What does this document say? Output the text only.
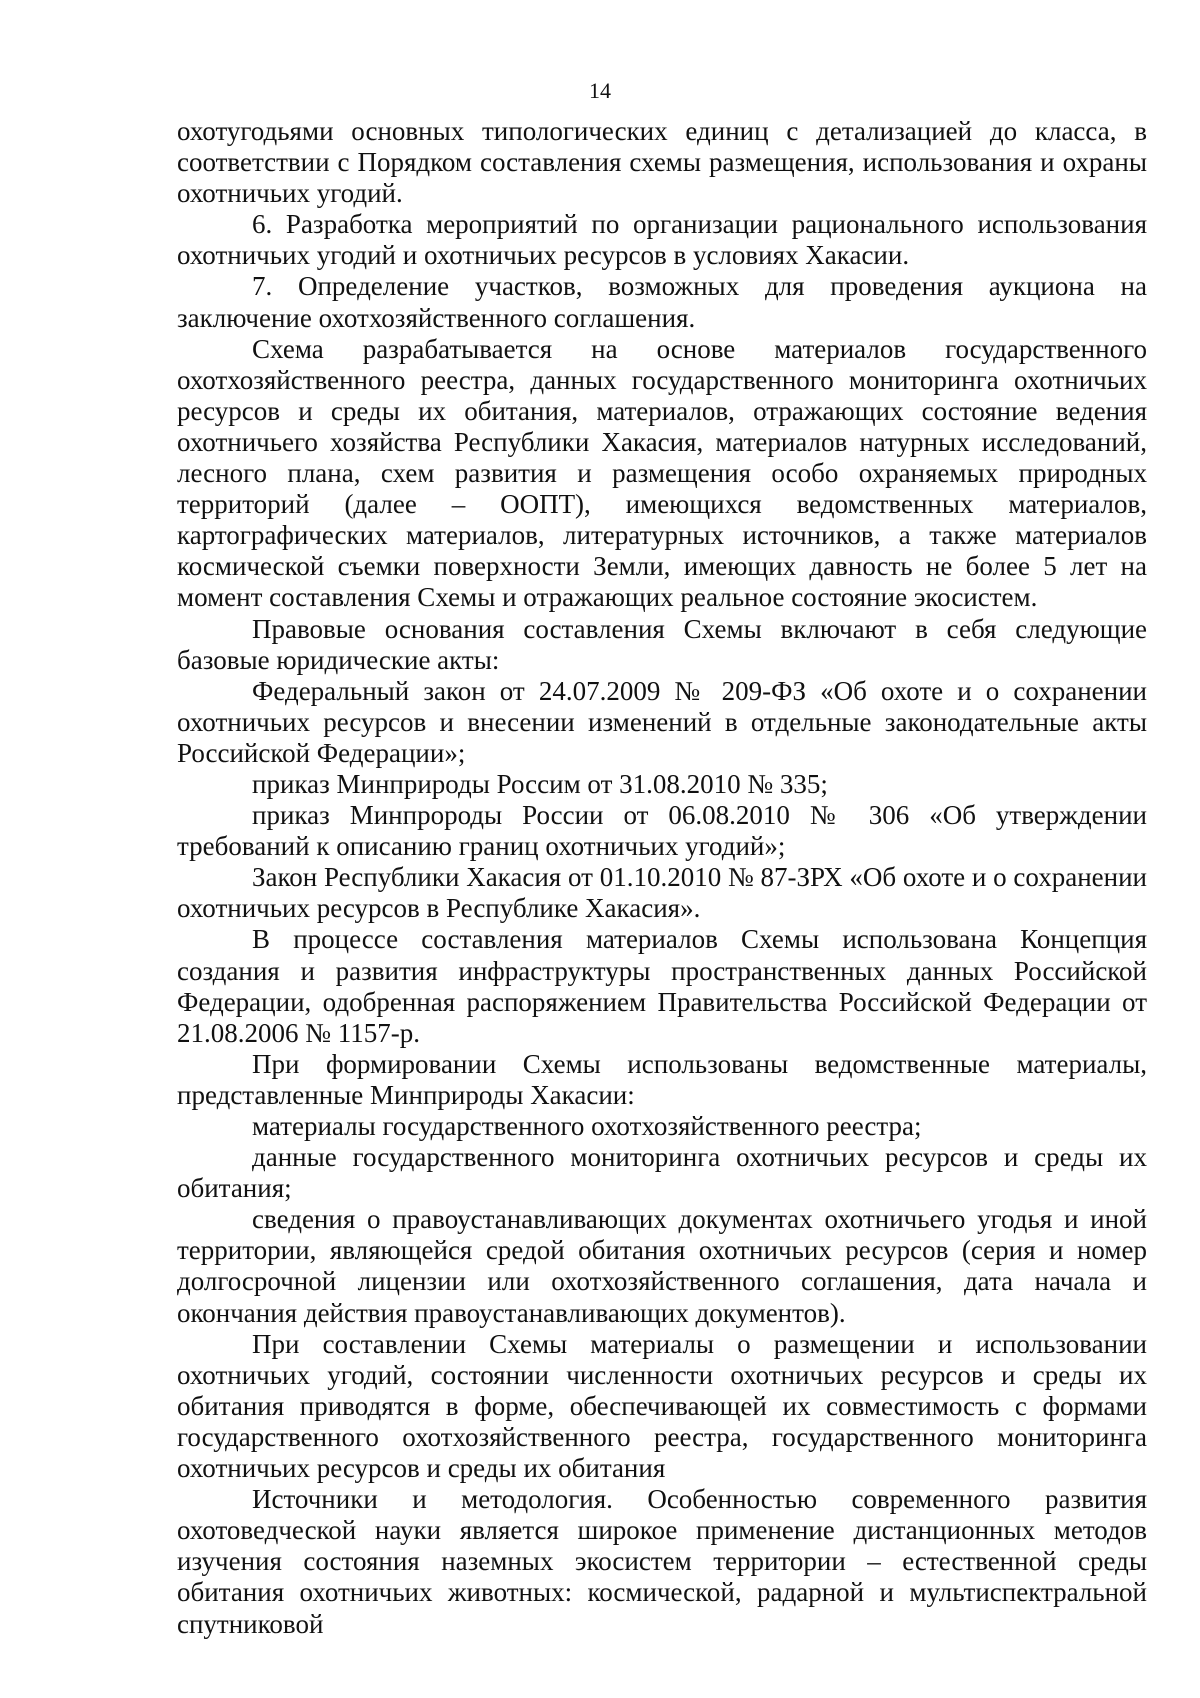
14

охотугодьями основных типологических единиц с детализацией до класса, в соответствии с Порядком составления схемы размещения, использования и охраны охотничьих угодий.

6. Разработка мероприятий по организации рационального использования охотничьих угодий и охотничьих ресурсов в условиях Хакасии.

7. Определение участков, возможных для проведения аукциона на заключение охотхозяйственного соглашения.

Схема разрабатывается на основе материалов государственного охотхозяйственного реестра, данных государственного мониторинга охотничьих ресурсов и среды их обитания, материалов, отражающих состояние ведения охотничьего хозяйства Республики Хакасия, материалов натурных исследований, лесного плана, схем развития и размещения особо охраняемых природных территорий (далее – ООПТ), имеющихся ведомственных материалов, картографических материалов, литературных источников, а также материалов космической съемки поверхности Земли, имеющих давность не более 5 лет на момент составления Схемы и отражающих реальное состояние экосистем.

Правовые основания составления Схемы включают в себя следующие базовые юридические акты:

Федеральный закон от 24.07.2009 № 209-ФЗ «Об охоте и о сохранении охотничьих ресурсов и внесении изменений в отдельные законодательные акты Российской Федерации»;

приказ Минприроды Россим от 31.08.2010 № 335;

приказ Минпророды России от 06.08.2010 № 306 «Об утверждении требований к описанию границ охотничьих угодий»;

Закон Республики Хакасия от 01.10.2010 № 87-ЗРХ «Об охоте и о сохранении охотничьих ресурсов в Республике Хакасия».

В процессе составления материалов Схемы использована Концепция создания и развития инфраструктуры пространственных данных Российской Федерации, одобренная распоряжением Правительства Российской Федерации от 21.08.2006 № 1157-р.

При формировании Схемы использованы ведомственные материалы, представленные Минприроды Хакасии:

материалы государственного охотхозяйственного реестра;

данные государственного мониторинга охотничьих ресурсов и среды их обитания;

сведения о правоустанавливающих документах охотничьего угодья и иной территории, являющейся средой обитания охотничьих ресурсов (серия и номер долгосрочной лицензии или охотхозяйственного соглашения, дата начала и окончания действия правоустанавливающих документов).

При составлении Схемы материалы о размещении и использовании охотничьих угодий, состоянии численности охотничьих ресурсов и среды их обитания приводятся в форме, обеспечивающей их совместимость с формами государственного охотхозяйственного реестра, государственного мониторинга охотничьих ресурсов и среды их обитания

Источники и методология. Особенностью современного развития охотоведческой науки является широкое применение дистанционных методов изучения состояния наземных экосистем территории – естественной среды обитания охотничьих животных: космической, радарной и мультиспектральной спутниковой
